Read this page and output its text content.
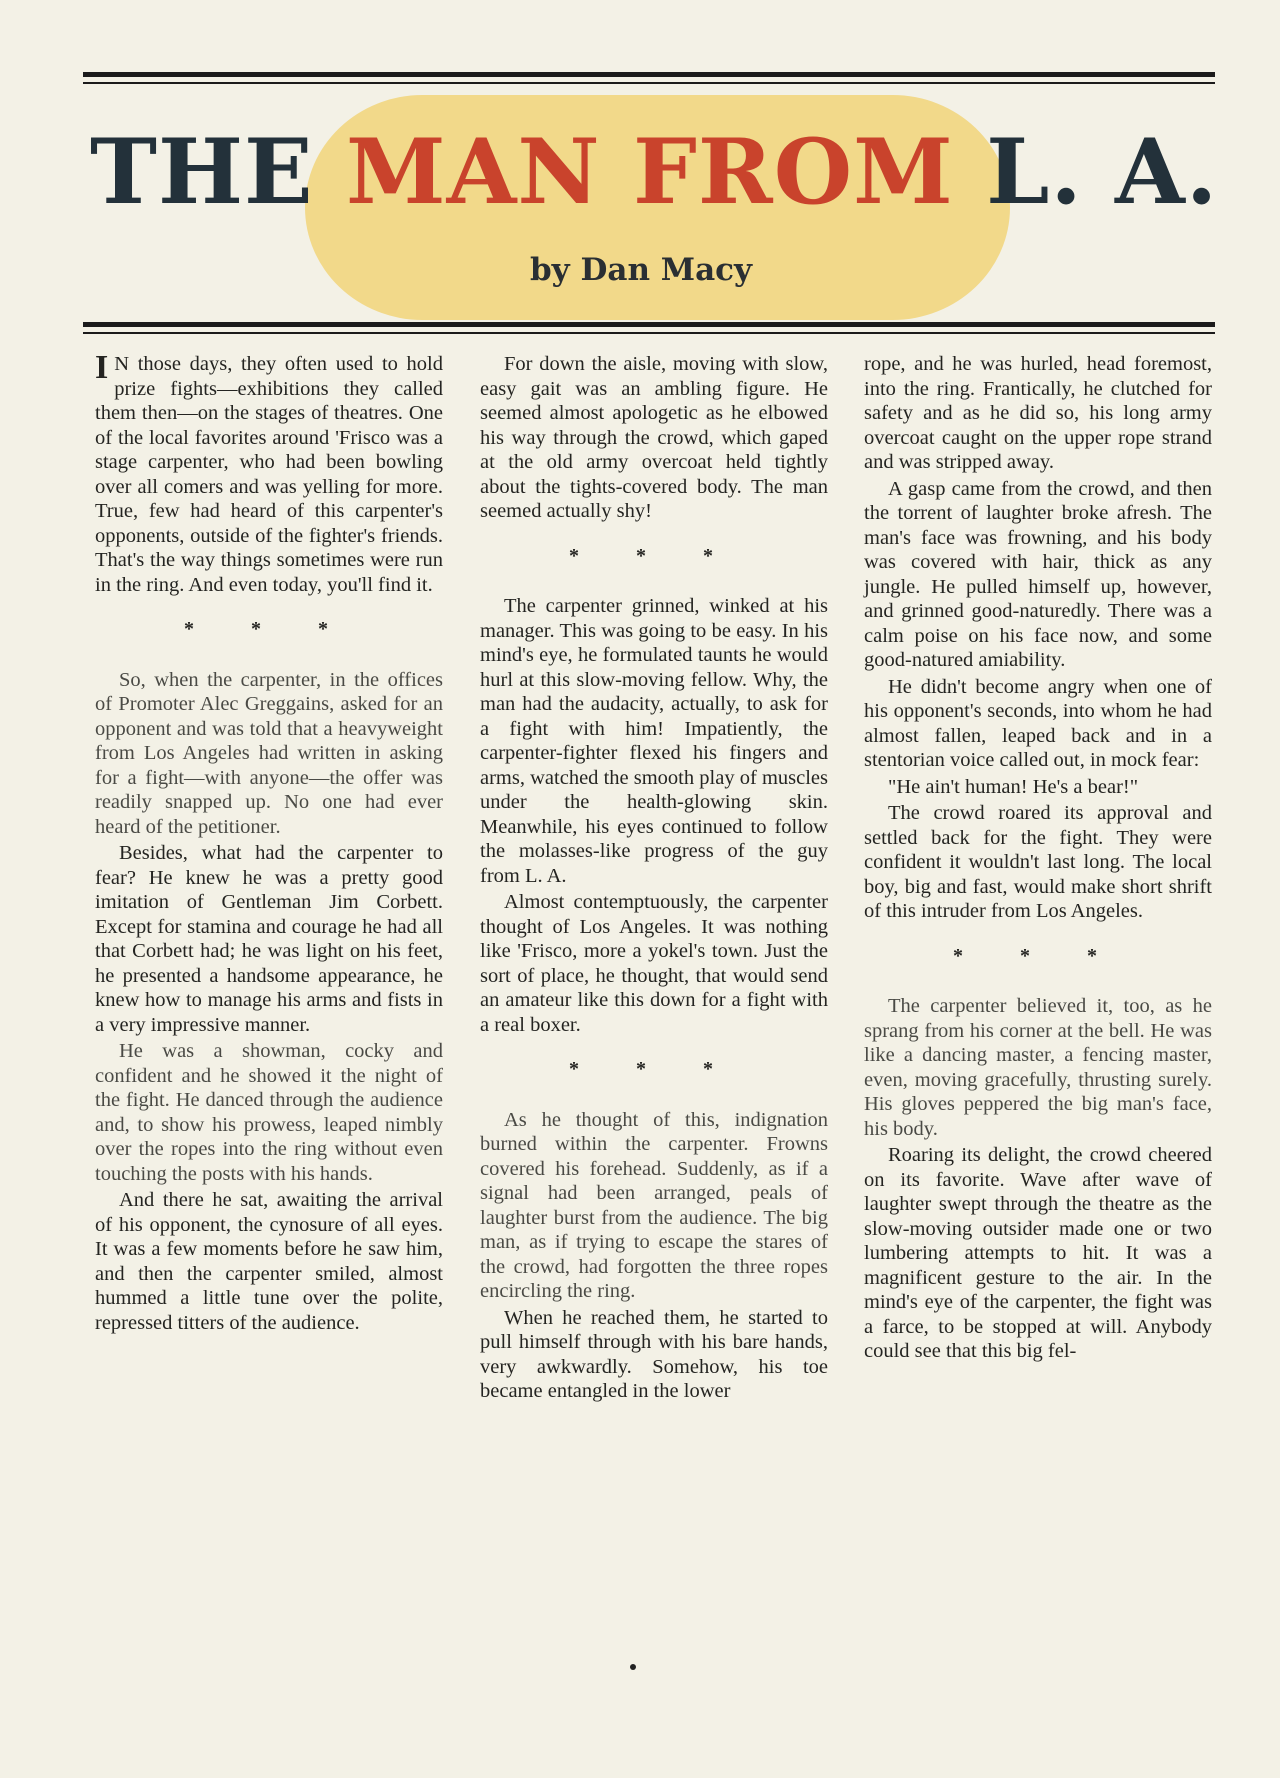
THE MAN FROM L. A.
by Dan Macy

I N those days, they often used to hold prize fights—exhibitions they called them then—on the stages of theatres. One of the local favorites around 'Frisco was a stage carpenter, who had been bowling over all comers and was yelling for more. True, few had heard of this carpenter's opponents, outside of the fighter's friends. That's the way things sometimes were run in the ring. And even today, you'll find it.

* * *

So, when the carpenter, in the offices of Promoter Alec Greggains, asked for an opponent and was told that a heavyweight from Los Angeles had written in asking for a fight—with anyone—the offer was readily snapped up. No one had ever heard of the petitioner.

Besides, what had the carpenter to fear? He knew he was a pretty good imitation of Gentleman Jim Corbett. Except for stamina and courage he had all that Corbett had; he was light on his feet, he presented a handsome appearance, he knew how to manage his arms and fists in a very impressive manner.

He was a showman, cocky and confident and he showed it the night of the fight. He danced through the audience and, to show his prowess, leaped nimbly over the ropes into the ring without even touching the posts with his hands.

And there he sat, awaiting the arrival of his opponent, the cynosure of all eyes. It was a few moments before he saw him, and then the carpenter smiled, almost hummed a little tune over the polite, repressed titters of the audience.

For down the aisle, moving with slow, easy gait was an ambling figure. He seemed almost apologetic as he elbowed his way through the crowd, which gaped at the old army overcoat held tightly about the tights-covered body. The man seemed actually shy!

* * *

The carpenter grinned, winked at his manager. This was going to be easy. In his mind's eye, he formulated taunts he would hurl at this slow-moving fellow. Why, the man had the audacity, actually, to ask for a fight with him! Impatiently, the carpenter-fighter flexed his fingers and arms, watched the smooth play of muscles under the health-glowing skin. Meanwhile, his eyes continued to follow the molasses-like progress of the guy from L. A.

Almost contemptuously, the carpenter thought of Los Angeles. It was nothing like 'Frisco, more a yokel's town. Just the sort of place, he thought, that would send an amateur like this down for a fight with a real boxer.

* * *

As he thought of this, indignation burned within the carpenter. Frowns covered his forehead. Suddenly, as if a signal had been arranged, peals of laughter burst from the audience. The big man, as if trying to escape the stares of the crowd, had forgotten the three ropes encircling the ring.

When he reached them, he started to pull himself through with his bare hands, very awkwardly. Somehow, his toe became entangled in the lower

rope, and he was hurled, head foremost, into the ring. Frantically, he clutched for safety and as he did so, his long army overcoat caught on the upper rope strand and was stripped away.

A gasp came from the crowd, and then the torrent of laughter broke afresh. The man's face was frowning, and his body was covered with hair, thick as any jungle. He pulled himself up, however, and grinned good-naturedly. There was a calm poise on his face now, and some good-natured amiability.

He didn't become angry when one of his opponent's seconds, into whom he had almost fallen, leaped back and in a stentorian voice called out, in mock fear:

"He ain't human! He's a bear!"

The crowd roared its approval and settled back for the fight. They were confident it wouldn't last long. The local boy, big and fast, would make short shrift of this intruder from Los Angeles.

* * *

The carpenter believed it, too, as he sprang from his corner at the bell. He was like a dancing master, a fencing master, even, moving gracefully, thrusting surely. His gloves peppered the big man's face, his body.

Roaring its delight, the crowd cheered on its favorite. Wave after wave of laughter swept through the theatre as the slow-moving outsider made one or two lumbering attempts to hit. It was a magnificent gesture to the air. In the mind's eye of the carpenter, the fight was a farce, to be stopped at will. Anybody could see that this big fel-
